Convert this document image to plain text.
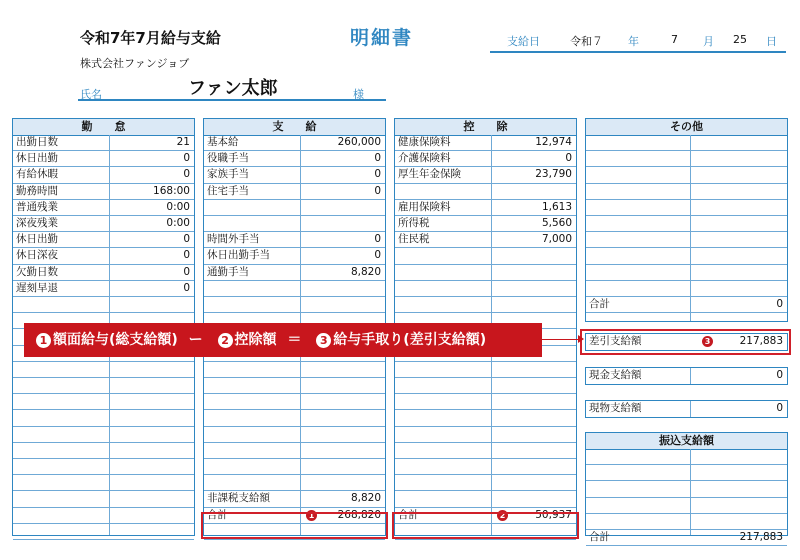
令和7年7月給与支給	明細書
株式会社ファンジョブ
氏名	ファン太郎	様
支給日	令和７ 年	7 月 25 日
勤　　怠
出勤日数	21
休日出勤	0
有給休暇	0
勤務時間	168:00
普通残業	0:00
深夜残業	0:00
休日出勤	0
休日深夜	0
欠勤日数	0
遅刻早退	0
支　　給
基本給	260,000
役職手当	0
家族手当	0
住宅手当	0
時間外手当	0
休日出勤手当	0
通勤手当	8,820
非課税支給額	8,820
1
合計	268,820
控　　除
健康保険料	12,974
介護保険料	0
厚生年金保険	23,790
雇用保険料	1,613
所得税	5,560
住民税	7,000
2
合計	50,937
その他
合計	0
差引支給額	3	217,883
現金支給額	0
現物支給額	0
振込支給額
合計	217,883
1 額面給与(総支給額) ー 2 控除額 ＝ 3 給与手取り(差引支給額)
